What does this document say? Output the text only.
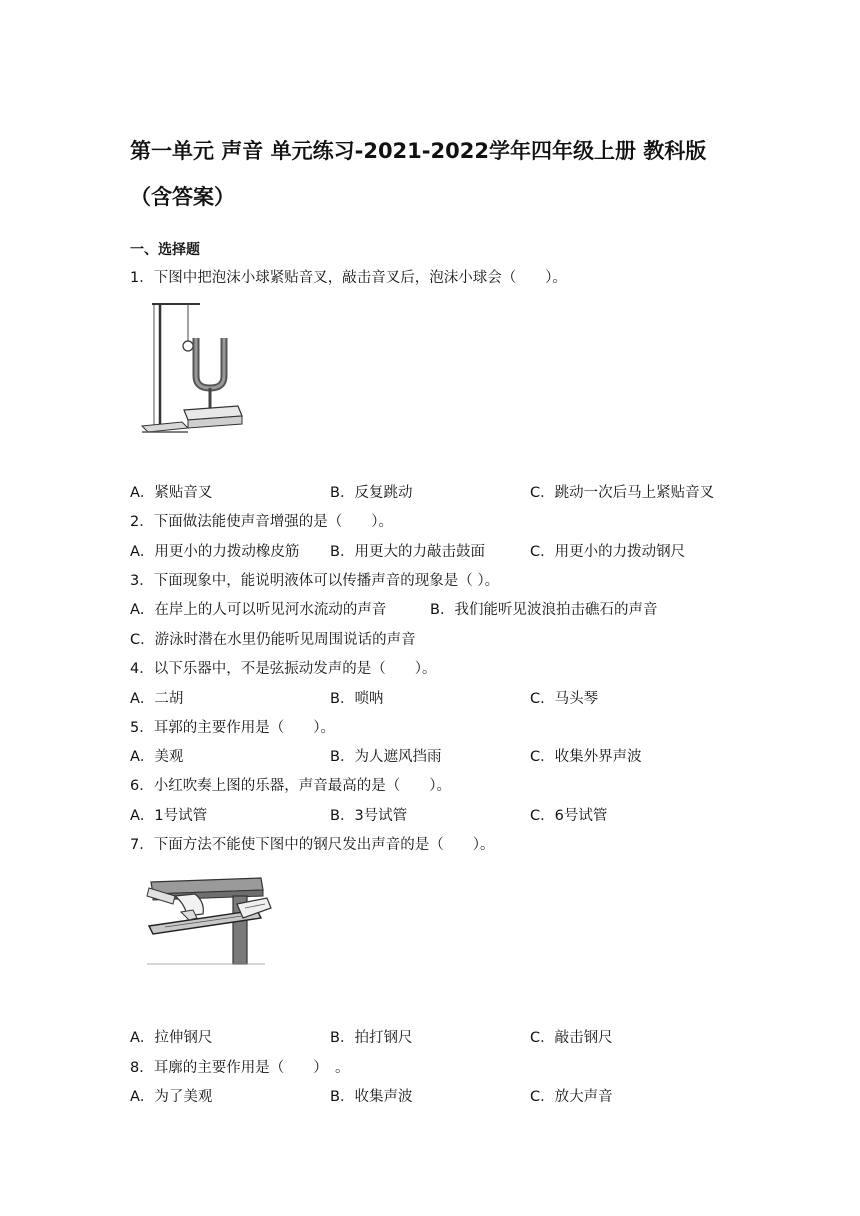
第一单元 声音 单元练习-2021-2022学年四年级上册 教科版（含答案）
一、选择题
1．下图中把泡沫小球紧贴音叉，敲击音叉后，泡沫小球会（　　）。
A．紧贴音叉	B．反复跳动	C．跳动一次后马上紧贴音叉
2．下面做法能使声音增强的是（　　）。
A．用更小的力拨动橡皮筋 B．用更大的力敲击鼓面	C．用更小的力拨动钢尺
3．下面现象中，能说明液体可以传播声音的现象是（ ）。
A．在岸上的人可以听见河水流动的声音	B．我们能听见波浪拍击礁石的声音
C．游泳时潜在水里仍能听见周围说话的声音
4．以下乐器中，不是弦振动发声的是（　　）。
A．二胡	B．唢呐	C．马头琴
5．耳郭的主要作用是（　　）。
A．美观	B．为人遮风挡雨	C．收集外界声波
6．小红吹奏上图的乐器，声音最高的是（　　）。
A．1号试管	B．3号试管	C．6号试管
7．下面方法不能使下图中的钢尺发出声音的是（　　）。
A．拉伸钢尺	B．拍打钢尺	C．敲击钢尺
8．耳廓的主要作用是（　　）　。
A．为了美观	B．收集声波	C．放大声音
